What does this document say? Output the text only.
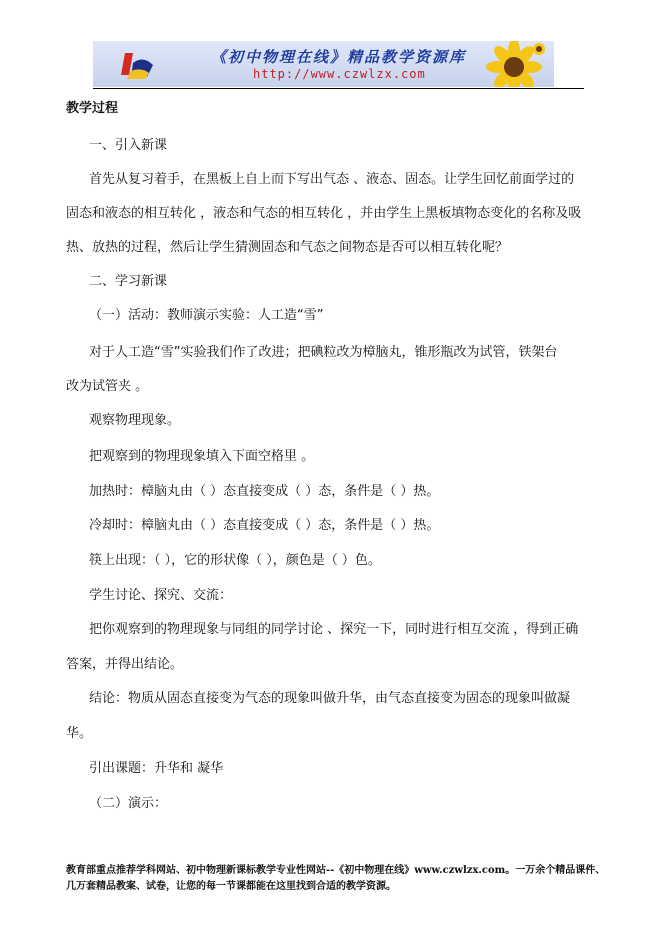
《初中物理在线》精品教学资源库
http://www.czwlzx.com
教学过程
一、引入新课
首先从复习着手，在黑板上自上而下写出气态 、液态、固态。让学生回忆前面学过的
固态和液态的相互转化 ，液态和气态的相互转化 ，并由学生上黑板填物态变化的名称及吸
热、放热的过程，然后让学生猜测固态和气态之间物态是否可以相互转化呢？
二、学习新课
（一）活动：教师演示实验：人工造“雪”
对于人工造“雪”实验我们作了改进；把碘粒改为樟脑丸，锥形瓶改为试管，铁架台
改为试管夹 。
观察物理现象。
把观察到的物理现象填入下面空格里 。
加热时：樟脑丸由（ ）态直接变成（ ）态，条件是（ ）热。
冷却时：樟脑丸由（ ）态直接变成（ ）态，条件是（ ）热。
筷上出现：（ ），它的形状像（ ），颜色是（ ）色。
学生讨论、探究、交流：
把你观察到的物理现象与同组的同学讨论 、探究一下，同时进行相互交流 ，得到正确
答案，并得出结论。
结论：物质从固态直接变为气态的现象叫做升华，由气态直接变为固态的现象叫做凝
华。
引出课题：升华和 凝华
（二）演示：
教育部重点推荐学科网站、初中物理新课标教学专业性网站--《初中物理在线》www.czwlzx.com。一万余个精品课件、
几万套精品教案、试卷，让您的每一节课都能在这里找到合适的教学资源。
